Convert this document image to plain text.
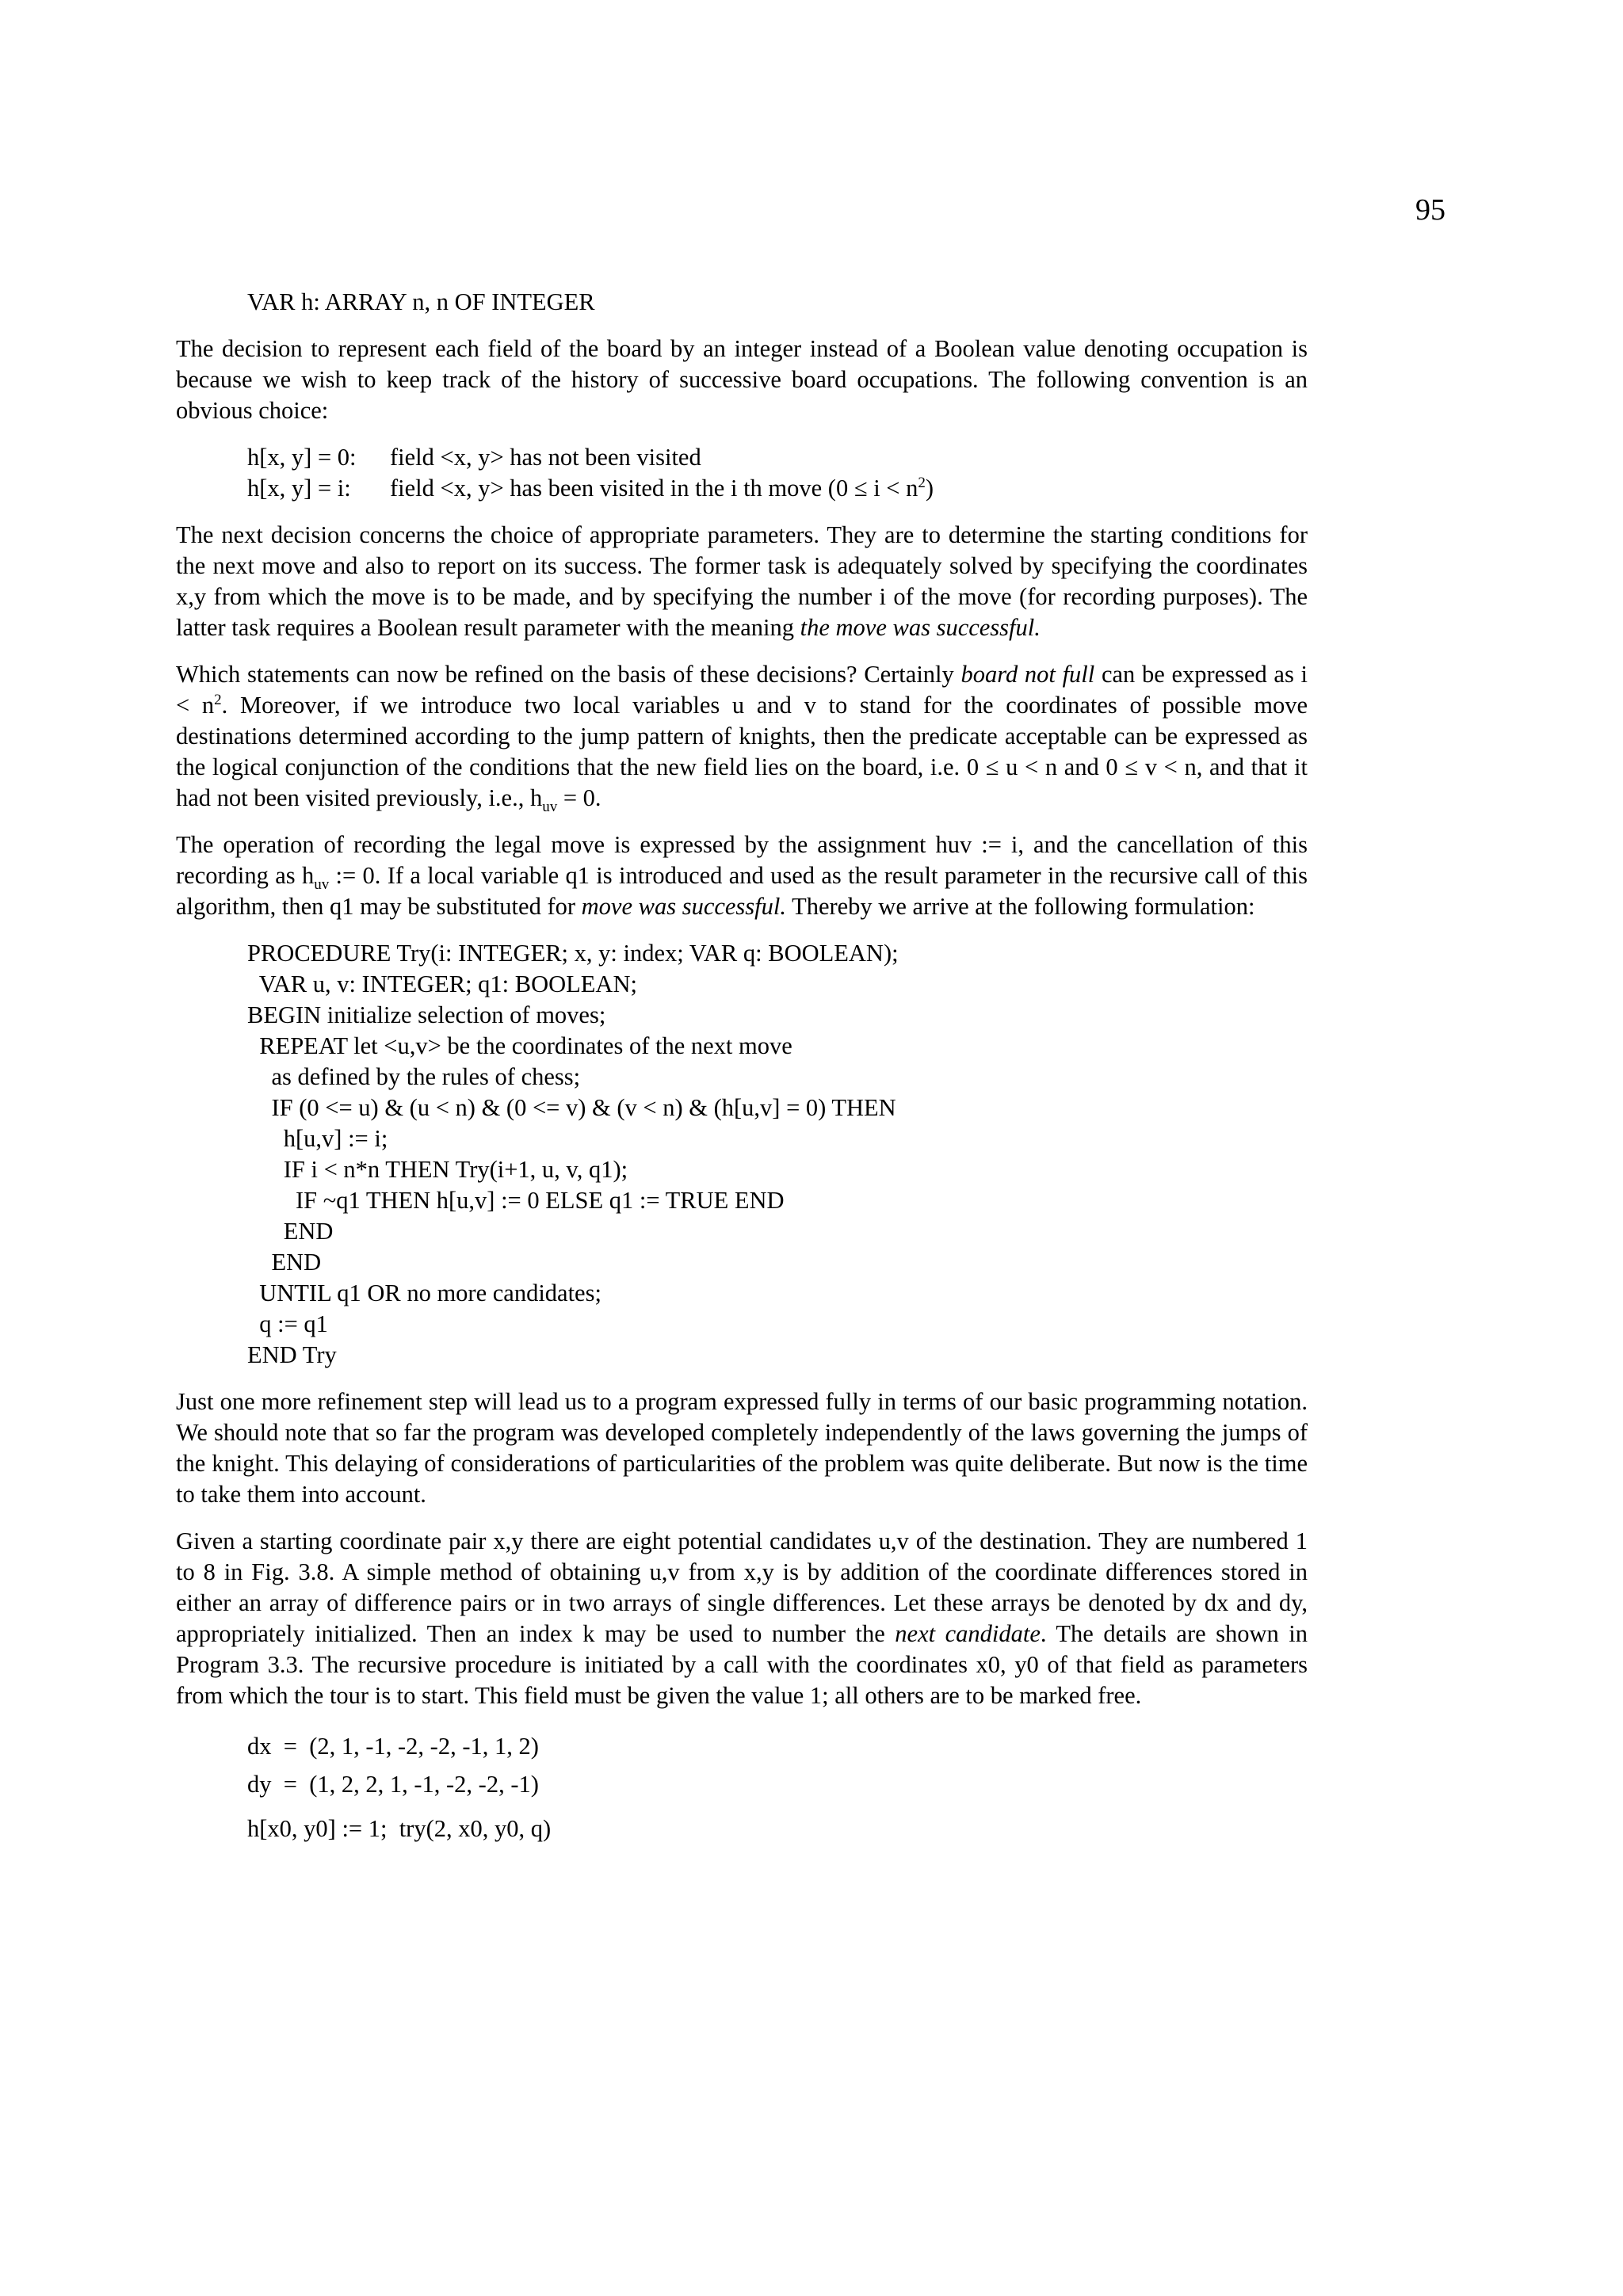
95
VAR h: ARRAY n, n OF INTEGER

The decision to represent each field of the board by an integer instead of a Boolean value denoting occupation is because we wish to keep track of the history of successive board occupations. The following convention is an obvious choice:

h[x, y] = 0:	field <x, y> has not been visited
h[x, y] = i:	field <x, y> has been visited in the i th move $(0 \le i < n^2)$

The next decision concerns the choice of appropriate parameters. They are to determine the starting conditions for the next move and also to report on its success. The former task is adequately solved by specifying the coordinates x,y from which the move is to be made, and by specifying the number i of the move (for recording purposes). The latter task requires a Boolean result parameter with the meaning the move was successful.

Which statements can now be refined on the basis of these decisions? Certainly board not full can be expressed as $i < n^2$. Moreover, if we introduce two local variables u and v to stand for the coordinates of possible move destinations determined according to the jump pattern of knights, then the predicate acceptable can be expressed as the logical conjunction of the conditions that the new field lies on the board, i.e. 0 ≤ u < n and 0 ≤ v < n, and that it had not been visited previously, i.e., $h_{uv} = 0$.

The operation of recording the legal move is expressed by the assignment huv := i, and the cancellation of this recording as $h_{uv}$ := 0. If a local variable q1 is introduced and used as the result parameter in the recursive call of this algorithm, then q1 may be substituted for move was successful. Thereby we arrive at the following formulation:

PROCEDURE Try(i: INTEGER; x, y: index; VAR q: BOOLEAN);
VAR u, v: INTEGER; q1: BOOLEAN;
BEGIN initialize selection of moves;
REPEAT let <u,v> be the coordinates of the next move
as defined by the rules of chess;
IF (0 <= u) & (u < n) & (0 <= v) & (v < n) & (h[u,v] = 0) THEN
h[u,v] := i;
IF i < n*n THEN Try(i+1, u, v, q1);
IF ~q1 THEN h[u,v] := 0 ELSE q1 := TRUE END
END
END
UNTIL q1 OR no more candidates;
q := q1
END Try

Just one more refinement step will lead us to a program expressed fully in terms of our basic programming notation. We should note that so far the program was developed completely independently of the laws governing the jumps of the knight. This delaying of considerations of particularities of the problem was quite deliberate. But now is the time to take them into account.

Given a starting coordinate pair x,y there are eight potential candidates u,v of the destination. They are numbered 1 to 8 in Fig. 3.8. A simple method of obtaining u,v from x,y is by addition of the coordinate differences stored in either an array of difference pairs or in two arrays of single differences. Let these arrays be denoted by dx and dy, appropriately initialized. Then an index k may be used to number the next candidate. The details are shown in Program 3.3. The recursive procedure is initiated by a call with the coordinates x0, y0 of that field as parameters from which the tour is to start. This field must be given the value 1; all others are to be marked free.

dx  =  (2, 1, -1, -2, -2, -1, 1, 2)
dy  =  (1, 2, 2, 1, -1, -2, -2, -1)
h[x0, y0] := 1;  try(2, x0, y0, q)
